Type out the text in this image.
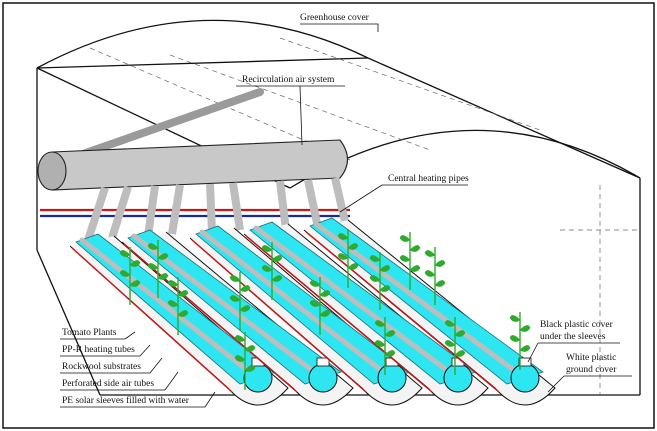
Greenhouse cover
Recirculation air system
Central heating pipes
Tomato Plants
PP-R heating tubes
Rockwool substrates
Perforated side air tubes
PE solar sleeves filled with water
Black plastic cover
under the sleeves
White plastic
ground cover
